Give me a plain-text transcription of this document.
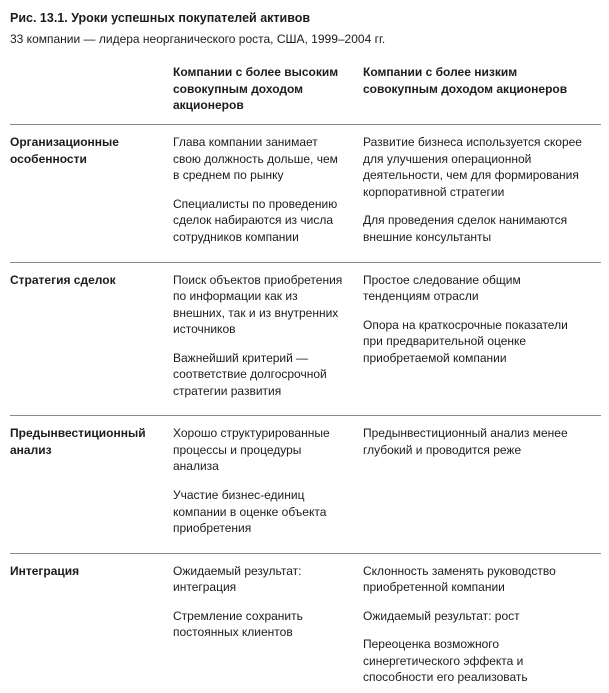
Рис. 13.1. Уроки успешных покупателей активов
33 компании — лидера неорганического роста, США, 1999–2004 гг.
Компании с более высоким совокупным доходом акционеров
Компании с более низким совокупным доходом акционеров
Организационные особенности

Глава компании занимает свою должность дольше, чем в среднем по рынку

Специалисты по проведению сделок набираются из числа сотрудников компании

Развитие бизнеса используется скорее для улучшения операционной деятельности, чем для формирования корпоративной стратегии

Для проведения сделок нанимаются внешние консультанты

Стратегия сделок	Поиск объектов приобретения по информации как из внешних, так и из внутренних источников

Важнейший критерий — соответствие долгосрочной стратегии развития

Простое следование общим тенденциям отрасли

Опора на краткосрочные показатели при предварительной оценке приобретаемой компании

Предынвестиционный анализ

Хорошо структурированные процессы и процедуры анализа

Участие бизнес-единиц компании в оценке объекта приобретения

Предынвестиционный анализ менее глубокий и проводится реже

Интеграция	Ожидаемый результат: интеграция

Стремление сохранить постоянных клиентов

Склонность заменять руководство приобретенной компании

Ожидаемый результат: рост

Переоценка возможного синергетического эффекта и способности его реализовать
